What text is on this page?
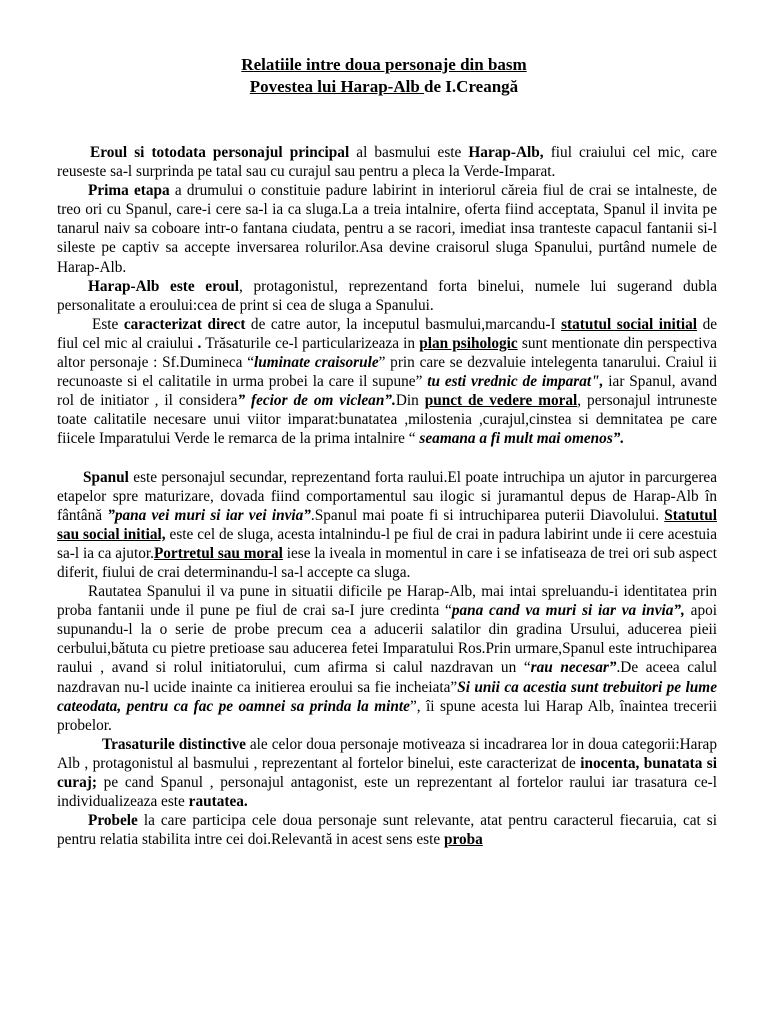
Relatiile intre doua personaje din basm

Povestea lui Harap-Alb de I.Creangă

Eroul si totodata personajul principal al basmului este Harap-Alb, fiul craiului cel mic, care reuseste sa-l surprinda pe tatal sau cu curajul sau pentru a pleca la Verde-Imparat.

Prima etapa a drumului o constituie padure labirint in interiorul căreia fiul de crai se intalneste, de treo ori cu Spanul, care-i cere sa-l ia ca sluga.La a treia intalnire, oferta fiind acceptata, Spanul il invita pe tanarul naiv sa coboare intr-o fantana ciudata, pentru a se racori, imediat insa tranteste capacul fantanii si-l sileste pe captiv sa accepte inversarea rolurilor.Asa devine craisorul sluga Spanului, purtând numele de Harap-Alb.

Harap-Alb este eroul, protagonistul, reprezentand forta binelui, numele lui sugerand dubla personalitate a eroului:cea de print si cea de sluga a Spanului.

Este caracterizat direct de catre autor, la inceputul basmului,marcandu-I statutul social initial de fiul cel mic al craiului . Trăsaturile ce-l particularizeaza in plan psihologic sunt mentionate din perspectiva altor personaje : Sf.Dumineca “luminate craisorule” prin care se dezvaluie intelegenta tanarului. Craiul ii recunoaste si el calitatile in urma probei la care il supune” tu esti vrednic de imparat", iar Spanul, avand rol de initiator , il considera” fecior de om viclean”.Din punct de vedere moral, personajul intruneste toate calitatile necesare unui viitor imparat:bunatatea ,milostenia ,curajul,cinstea si demnitatea pe care fiicele Imparatului Verde le remarca de la prima intalnire “ seamana a fi mult mai omenos”.

Spanul este personajul secundar, reprezentand forta raului.El poate intruchipa un ajutor in parcurgerea etapelor spre maturizare, dovada fiind comportamentul sau ilogic si juramantul depus de Harap-Alb în fântână ”pana vei muri si iar vei invia”.Spanul mai poate fi si intruchiparea puterii Diavolului. Statutul sau social initial, este cel de sluga, acesta intalnindu-l pe fiul de crai in padura labirint unde ii cere acestuia sa-l ia ca ajutor.Portretul sau moral iese la iveala in momentul in care i se infatiseaza de trei ori sub aspect diferit, fiului de crai determinandu-l sa-l accepte ca sluga.

Rautatea Spanului il va pune in situatii dificile pe Harap-Alb, mai intai spreluandu-i identitatea prin proba fantanii unde il pune pe fiul de crai sa-I jure credinta “pana cand va muri si iar va invia”, apoi supunandu-l la o serie de probe precum cea a aducerii salatilor din gradina Ursului, aducerea pieii cerbului,bătuta cu pietre pretioase sau aducerea fetei Imparatului Ros.Prin urmare,Spanul este intruchiparea raului , avand si rolul initiatorului, cum afirma si calul nazdravan un “rau necesar”.De aceea calul nazdravan nu-l ucide inainte ca initierea eroului sa fie incheiata”Si unii ca acestia sunt trebuitori pe lume cateodata, pentru ca fac pe oamnei sa prinda la minte”, îi spune acesta lui Harap Alb, înaintea trecerii probelor.

Trasaturile distinctive ale celor doua personaje motiveaza si incadrarea lor in doua categorii:Harap Alb , protagonistul al basmului , reprezentant al fortelor binelui, este caracterizat de inocenta, bunatata si curaj; pe cand Spanul , personajul antagonist, este un reprezentant al fortelor raului iar trasatura ce-l individualizeaza este rautatea.

Probele la care participa cele doua personaje sunt relevante, atat pentru caracterul fiecaruia, cat si pentru relatia stabilita intre cei doi.Relevantă in acest sens este proba
